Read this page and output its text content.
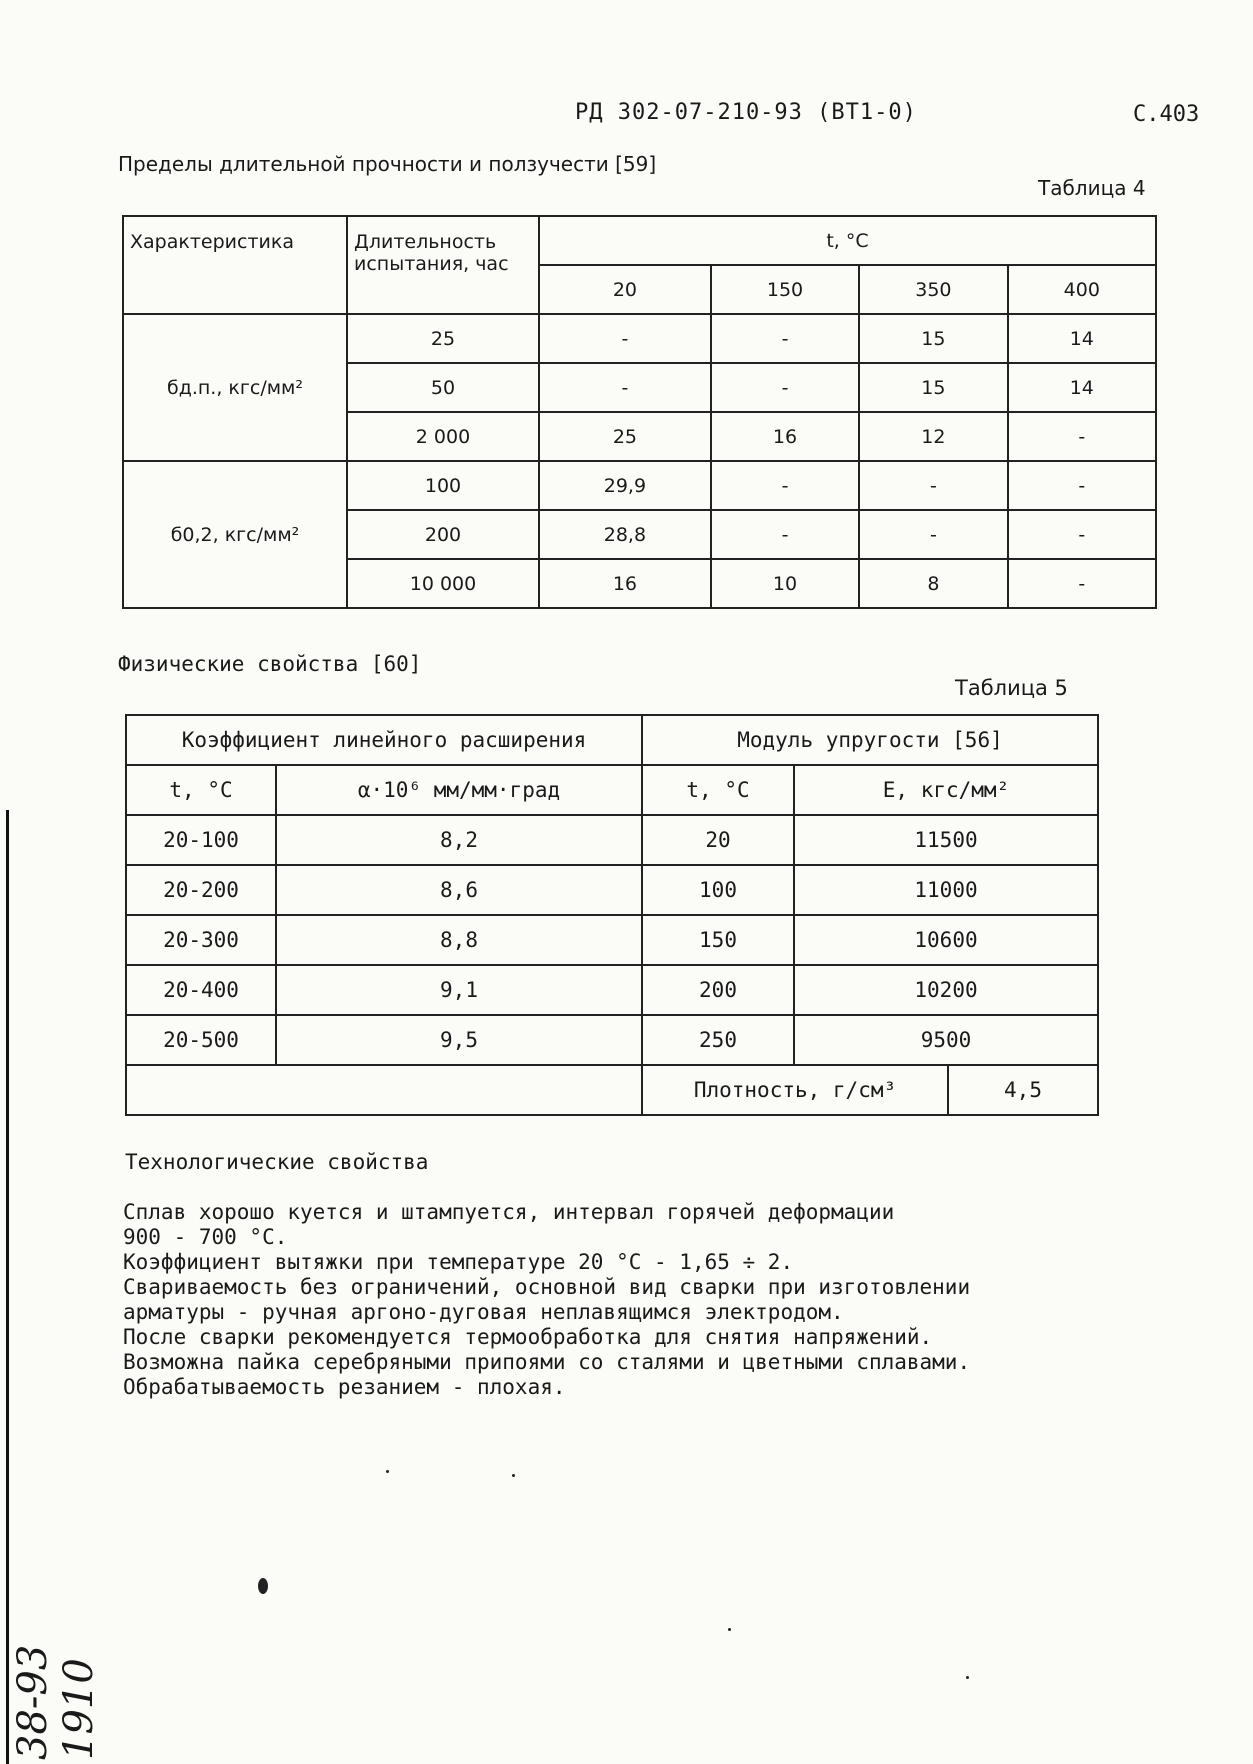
РД 302-07-210-93 (ВТ1-0)	С.403
Пределы длительной прочности и ползучести [59]
Таблица 4
Характеристика	Длительность испытания, час	t, °С			
		20	150	350	400
бд.п., кгс/мм²	25	-	-	15	14
	50	-	-	15	14
	2 000	25	16	12	-
б0,2, кгс/мм²	100	29,9	-	-	-
	200	28,8	-	-	-
	10 000	16	10	8	-
Физические свойства [60]
Таблица 5
Коэффициент линейного расширения		Модуль упругости [56]		
t, °С	α·10⁶ мм/мм·град	t, °С	Е, кгс/мм²	
20-100	8,2	20	11500	
20-200	8,6	100	11000	
20-300	8,8	150	10600	
20-400	9,1	200	10200	
20-500	9,5	250	9500	
		Плотность, г/см³		4,5
Технологические свойства
Сплав хорошо куется и штампуется, интервал горячей деформации
900 - 700 °С.
Коэффициент вытяжки при температуре 20 °С - 1,65 ÷ 2.
Свариваемость без ограничений, основной вид сварки при изготовлении
арматуры - ручная аргоно-дуговая неплавящимся электродом.
После сварки рекомендуется термообработка для снятия напряжений.
Возможна пайка серебряными припоями со сталями и цветными сплавами.
Обрабатываемость резанием - плохая.
38-93 1910
